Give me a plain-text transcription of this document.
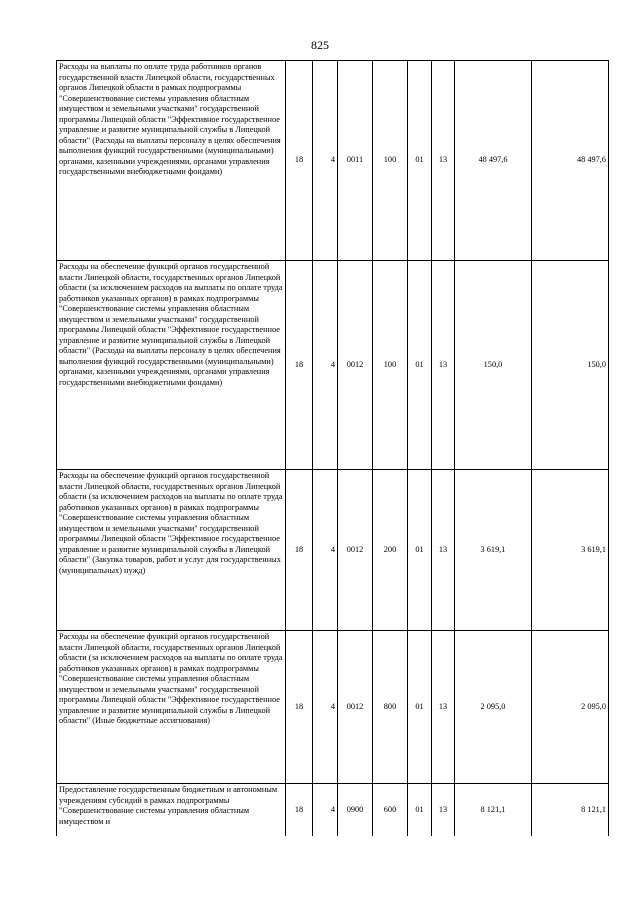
825
Расходы на выплаты по оплате труда работников органов государственной власти Липецкой области, государственных органов Липецкой области в рамках подпрограммы "Совершенствование системы управления областным имуществом и земельными участками" государственной программы Липецкой области "Эффективное государственное управление и развитие муниципальной службы в Липецкой области" (Расходы на выплаты персоналу в целях обеспечения выполнения функций государственными (муниципальными) органами, казенными учреждениями, органами управления государственными внебюджетными фондами)	18	4	0011	100	01	13	48 497,6	48 497,6
Расходы на обеспечение функций органов государственной власти Липецкой области, государственных органов Липецкой области (за исключением расходов на выплаты по оплате труда работников указанных органов) в рамках подпрограммы "Совершенствование системы управления областным имуществом и земельными участками" государственной программы Липецкой области "Эффективное государственное управление и развитие муниципальной службы в Липецкой области" (Расходы на выплаты персоналу в целях обеспечения выполнения функций государственными (муниципальными) органами, казенными учреждениями, органами управления государственными внебюджетными фондами)	18	4	0012	100	01	13	150,0	150,0
Расходы на обеспечение функций органов государственной власти Липецкой области, государственных органов Липецкой области (за исключением расходов на выплаты по оплате труда работников указанных органов) в рамках подпрограммы "Совершенствование системы управления областным имуществом и земельными участками" государственной программы Липецкой области "Эффективное государственное управление и развитие муниципальной службы в Липецкой области" (Закупка товаров, работ и услуг для государственных (муниципальных) нужд)	18	4	0012	200	01	13	3 619,1	3 619,1
Расходы на обеспечение функций органов государственной власти Липецкой области, государственных органов Липецкой области (за исключением расходов на выплаты по оплате труда работников указанных органов) в рамках подпрограммы "Совершенствование системы управления областным имуществом и земельными участками" государственной программы Липецкой области "Эффективное государственное управление и развитие муниципальной службы в Липецкой области" (Иные бюджетные ассигнования)	18	4	0012	800	01	13	2 095,0	2 095,0
Предоставление государственным бюджетным и автономным учреждениям субсидий в рамках подпрограммы "Совершенствование системы управления областным имуществом и	18	4	0900	600	01	13	8 121,1	8 121,1
